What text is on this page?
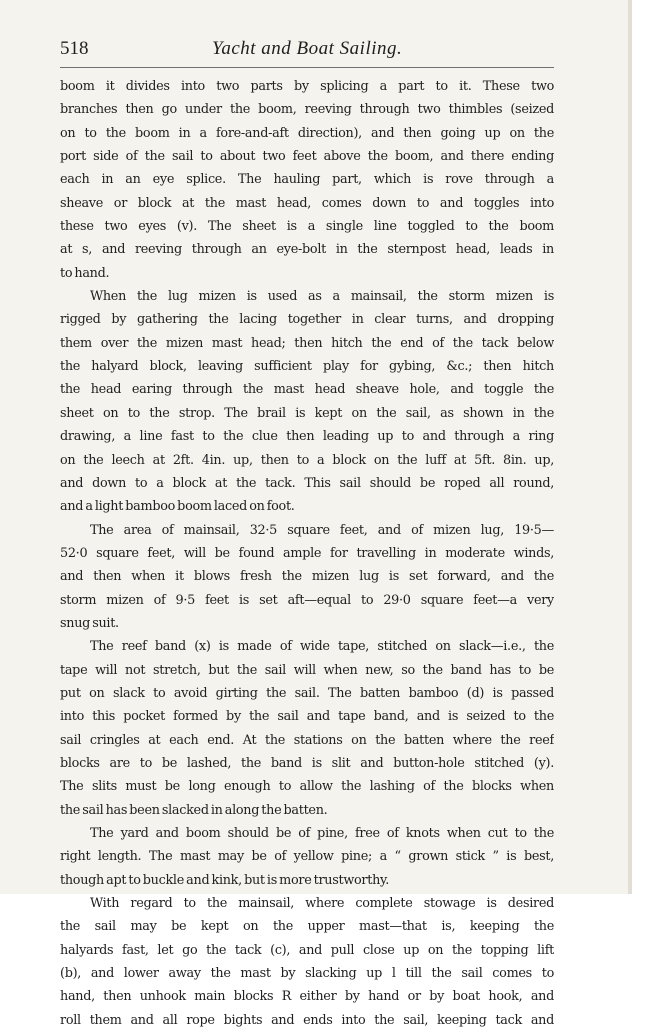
518	Yacht and Boat Sailing.
boom it divides into two parts by splicing a part to it. These two
branches then go under the boom, reeving through two thimbles (seized
on to the boom in a fore-and-aft direction), and then going up on the
port side of the sail to about two feet above the boom, and there ending
each in an eye splice. The hauling part, which is rove through a
sheave or block at the mast head, comes down to and toggles into
these two eyes (v). The sheet is a single line toggled to the boom
at s, and reeving through an eye-bolt in the sternpost head, leads in
to hand.
When the lug mizen is used as a mainsail, the storm mizen is
rigged by gathering the lacing together in clear turns, and dropping
them over the mizen mast head; then hitch the end of the tack below
the halyard block, leaving sufficient play for gybing, &c.; then hitch
the head earing through the mast head sheave hole, and toggle the
sheet on to the strop. The brail is kept on the sail, as shown in the
drawing, a line fast to the clue then leading up to and through a ring
on the leech at 2ft. 4in. up, then to a block on the luff at 5ft. 8in. up,
and down to a block at the tack. This sail should be roped all round,
and a light bamboo boom laced on foot.
The area of mainsail, 32·5 square feet, and of mizen lug, 19·5—
52·0 square feet, will be found ample for travelling in moderate winds,
and then when it blows fresh the mizen lug is set forward, and the
storm mizen of 9·5 feet is set aft—equal to 29·0 square feet—a very
snug suit.
The reef band (x) is made of wide tape, stitched on slack—i.e., the
tape will not stretch, but the sail will when new, so the band has to be
put on slack to avoid girting the sail. The batten bamboo (d) is passed
into this pocket formed by the sail and tape band, and is seized to the
sail cringles at each end. At the stations on the batten where the reef
blocks are to be lashed, the band is slit and button-hole stitched (y).
The slits must be long enough to allow the lashing of the blocks when
the sail has been slacked in along the batten.
The yard and boom should be of pine, free of knots when cut to the
right length. The mast may be of yellow pine; a “ grown stick ” is best,
though apt to buckle and kink, but is more trustworthy.
With regard to the mainsail, where complete stowage is desired
the sail may be kept on the upper mast—that is, keeping the
halyards fast, let go the tack (c), and pull close up on the topping lift
(b), and lower away the mast by slacking up l till the sail comes to
hand, then unhook main blocks R either by hand or by boat hook, and
roll them and all rope bights and ends into the sail, keeping tack and
